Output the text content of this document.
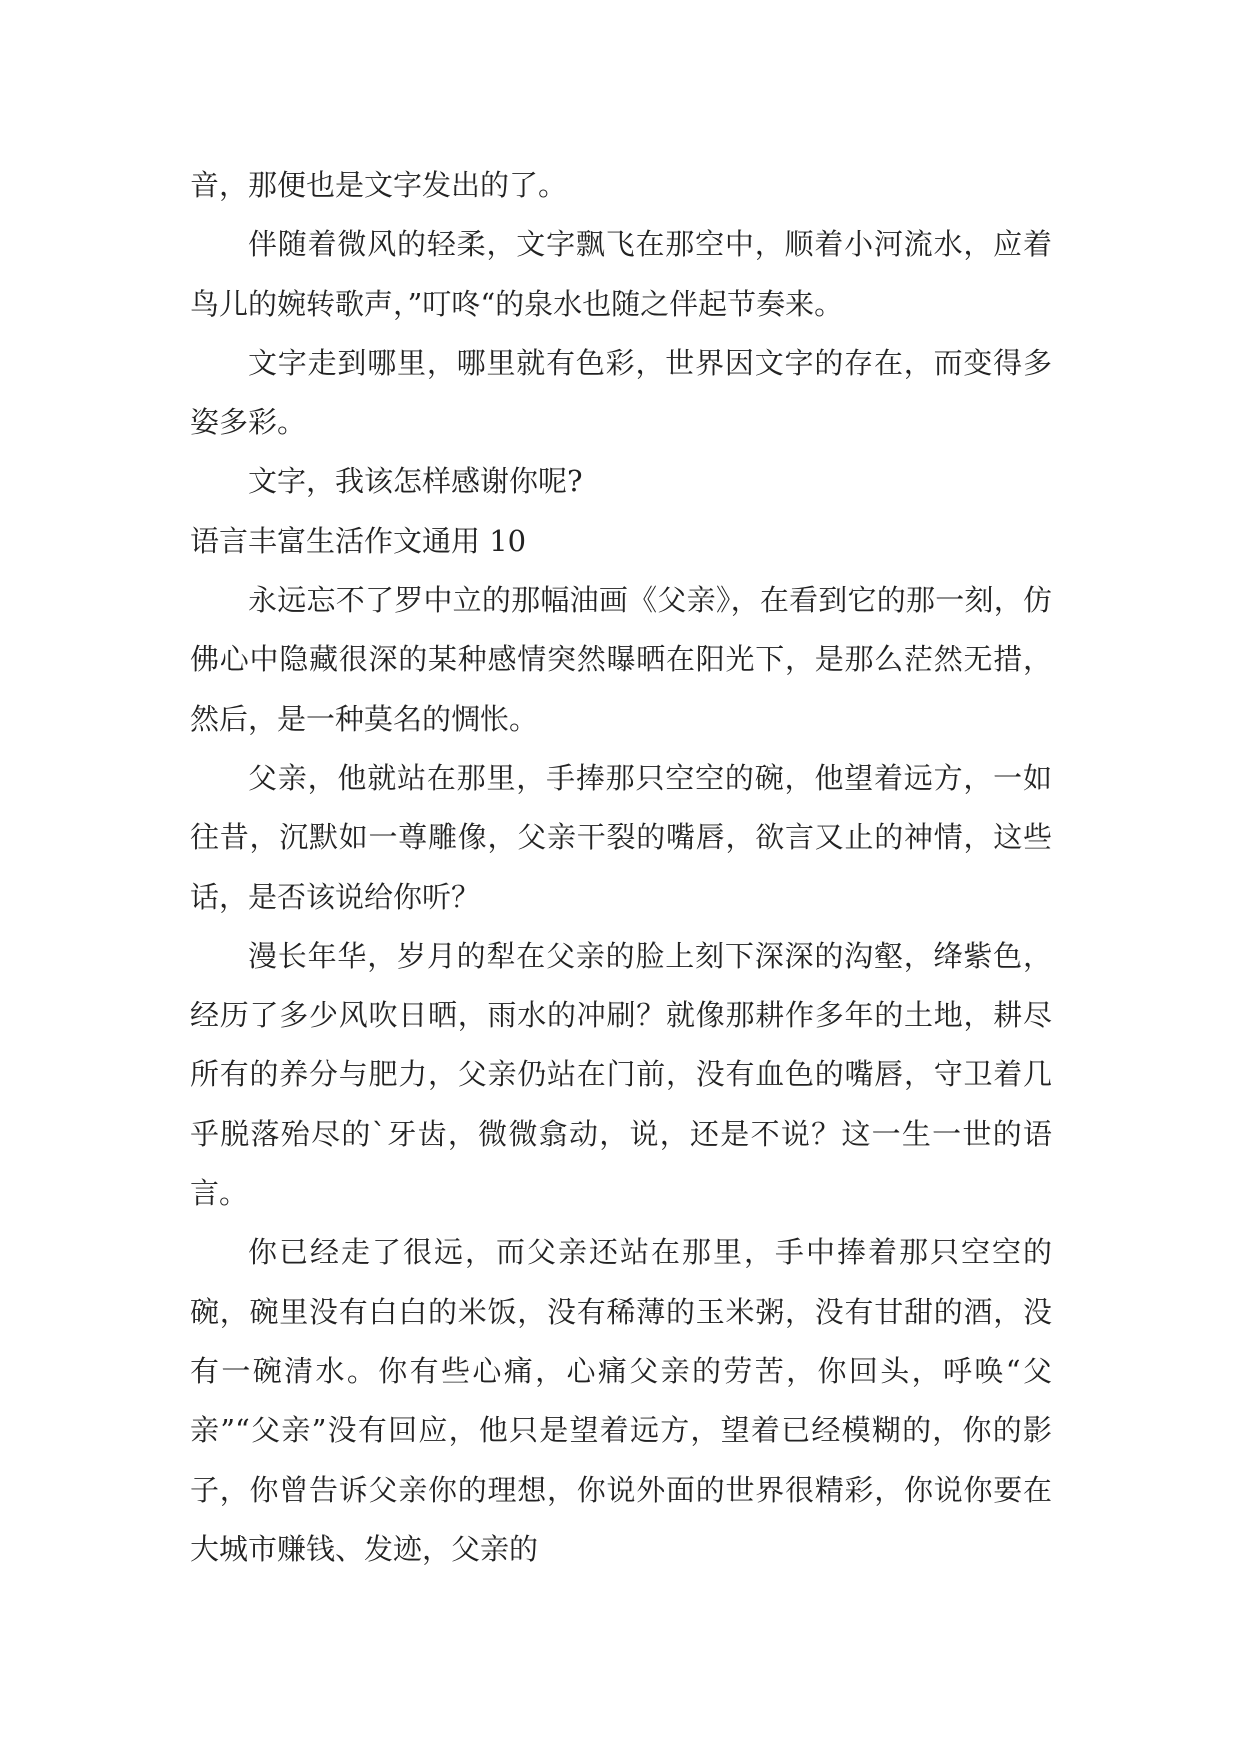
音，那便也是文字发出的了。

伴随着微风的轻柔，文字飘飞在那空中，顺着小河流水，应着鸟儿的婉转歌声，”叮咚“的泉水也随之伴起节奏来。

文字走到哪里，哪里就有色彩，世界因文字的存在，而变得多姿多彩。

文字，我该怎样感谢你呢?

语言丰富生活作文通用 10

永远忘不了罗中立的那幅油画《父亲》，在看到它的那一刻，仿佛心中隐藏很深的某种感情突然曝晒在阳光下，是那么茫然无措，然后，是一种莫名的惆怅。

父亲，他就站在那里，手捧那只空空的碗，他望着远方，一如往昔，沉默如一尊雕像，父亲干裂的嘴唇，欲言又止的神情，这些话，是否该说给你听？

漫长年华，岁月的犁在父亲的脸上刻下深深的沟壑，绛紫色，经历了多少风吹日晒，雨水的冲刷？就像那耕作多年的土地，耕尽所有的养分与肥力，父亲仍站在门前，没有血色的嘴唇，守卫着几乎脱落殆尽的`牙齿，微微翕动，说，还是不说？这一生一世的语言。

你已经走了很远，而父亲还站在那里，手中捧着那只空空的碗，碗里没有白白的米饭，没有稀薄的玉米粥，没有甘甜的酒，没有一碗清水。你有些心痛，心痛父亲的劳苦，你回头，呼唤“父亲”“父亲”没有回应，他只是望着远方，望着已经模糊的，你的影子，你曾告诉父亲你的理想，你说外面的世界很精彩，你说你要在大城市赚钱、发迹，父亲的
